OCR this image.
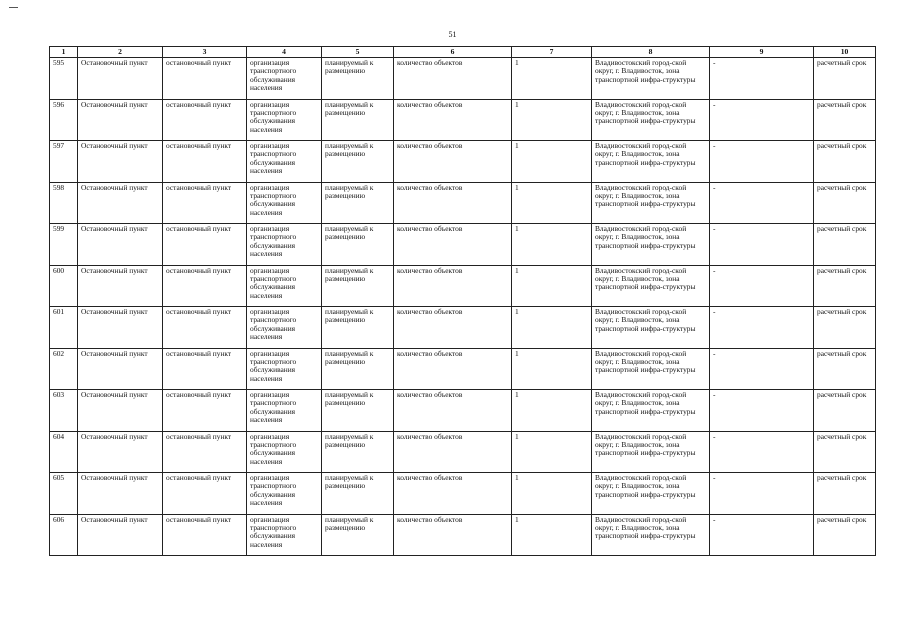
51
1	2	3	4	5	6	7	8	9	10
595	Остановочный пункт	остановочный пункт	организация транспортного обслуживания населения	планируемый к размещению	количество объектов	1	Владивостокский город-ской округ, г. Владивосток, зона транспортной инфра-структуры	-	расчетный срок
596	Остановочный пункт	остановочный пункт	организация транспортного обслуживания населения	планируемый к размещению	количество объектов	1	Владивостокский город-ской округ, г. Владивосток, зона транспортной инфра-структуры	-	расчетный срок
597	Остановочный пункт	остановочный пункт	организация транспортного обслуживания населения	планируемый к размещению	количество объектов	1	Владивостокский город-ской округ, г. Владивосток, зона транспортной инфра-структуры	-	расчетный срок
598	Остановочный пункт	остановочный пункт	организация транспортного обслуживания населения	планируемый к размещению	количество объектов	1	Владивостокский город-ской округ, г. Владивосток, зона транспортной инфра-структуры	-	расчетный срок
599	Остановочный пункт	остановочный пункт	организация транспортного обслуживания населения	планируемый к размещению	количество объектов	1	Владивостокский город-ской округ, г. Владивосток, зона транспортной инфра-структуры	-	расчетный срок
600	Остановочный пункт	остановочный пункт	организация транспортного обслуживания населения	планируемый к размещению	количество объектов	1	Владивостокский город-ской округ, г. Владивосток, зона транспортной инфра-структуры	-	расчетный срок
601	Остановочный пункт	остановочный пункт	организация транспортного обслуживания населения	планируемый к размещению	количество объектов	1	Владивостокский город-ской округ, г. Владивосток, зона транспортной инфра-структуры	-	расчетный срок
602	Остановочный пункт	остановочный пункт	организация транспортного обслуживания населения	планируемый к размещению	количество объектов	1	Владивостокский город-ской округ, г. Владивосток, зона транспортной инфра-структуры	-	расчетный срок
603	Остановочный пункт	остановочный пункт	организация транспортного обслуживания населения	планируемый к размещению	количество объектов	1	Владивостокский город-ской округ, г. Владивосток, зона транспортной инфра-структуры	-	расчетный срок
604	Остановочный пункт	остановочный пункт	организация транспортного обслуживания населения	планируемый к размещению	количество объектов	1	Владивостокский город-ской округ, г. Владивосток, зона транспортной инфра-структуры	-	расчетный срок
605	Остановочный пункт	остановочный пункт	организация транспортного обслуживания населения	планируемый к размещению	количество объектов	1	Владивостокский город-ской округ, г. Владивосток, зона транспортной инфра-структуры	-	расчетный срок
606	Остановочный пункт	остановочный пункт	организация транспортного обслуживания населения	планируемый к размещению	количество объектов	1	Владивостокский город-ской округ, г. Владивосток, зона транспортной инфра-структуры	-	расчетный срок
